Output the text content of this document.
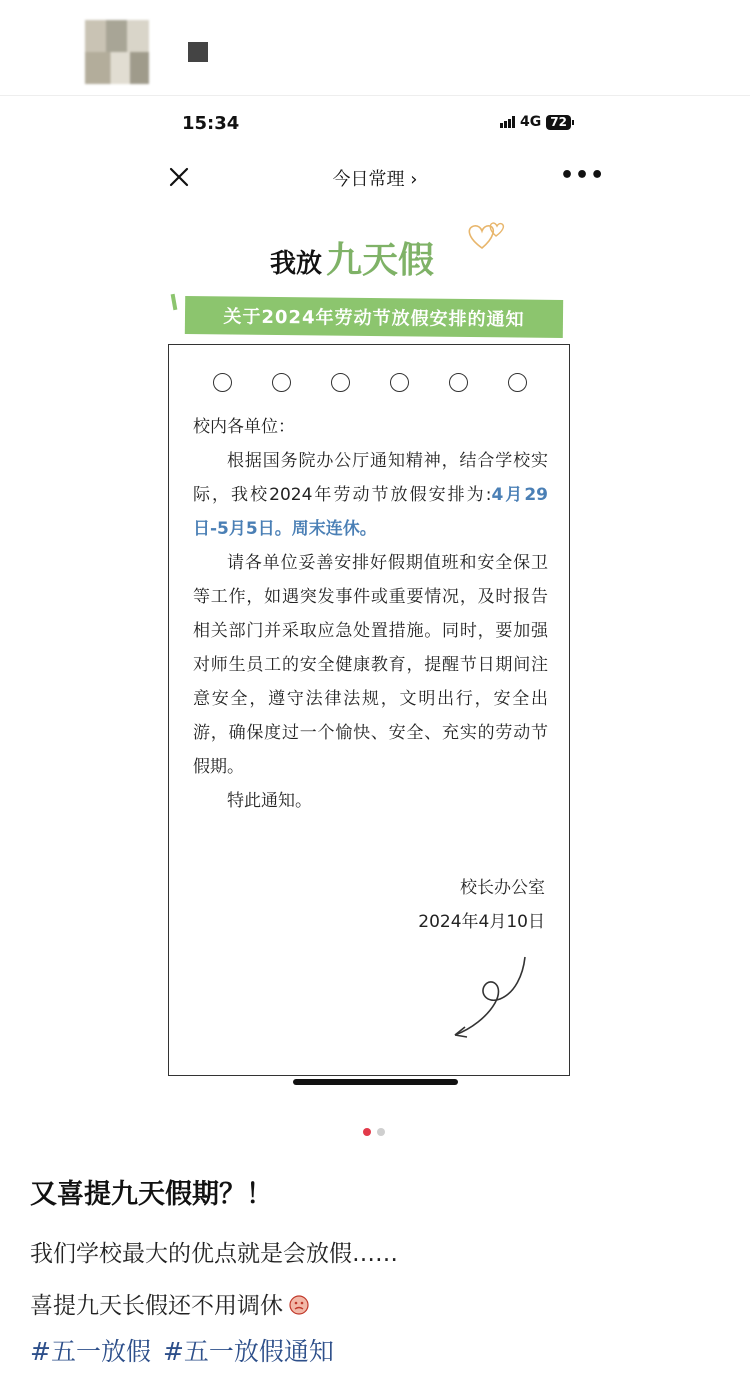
15:34	4G 72
今日常理 ›	•••
我放 九天假
关于2024年劳动节放假安排的通知

校内各单位：

根据国务院办公厅通知精神，结合学校实际，我校2024年劳动节放假安排为:4月29日-5月5日。周末连休。

请各单位妥善安排好假期值班和安全保卫等工作，如遇突发事件或重要情况，及时报告相关部门并采取应急处置措施。同时，要加强对师生员工的安全健康教育，提醒节日期间注意安全，遵守法律法规，文明出行，安全出游，确保度过一个愉快、安全、充实的劳动节假期。

特此通知。

校长办公室
2024年4月10日
又喜提九天假期？！
我们学校最大的优点就是会放假……
喜提九天长假还不用调休
#五一放假 #五一放假通知
